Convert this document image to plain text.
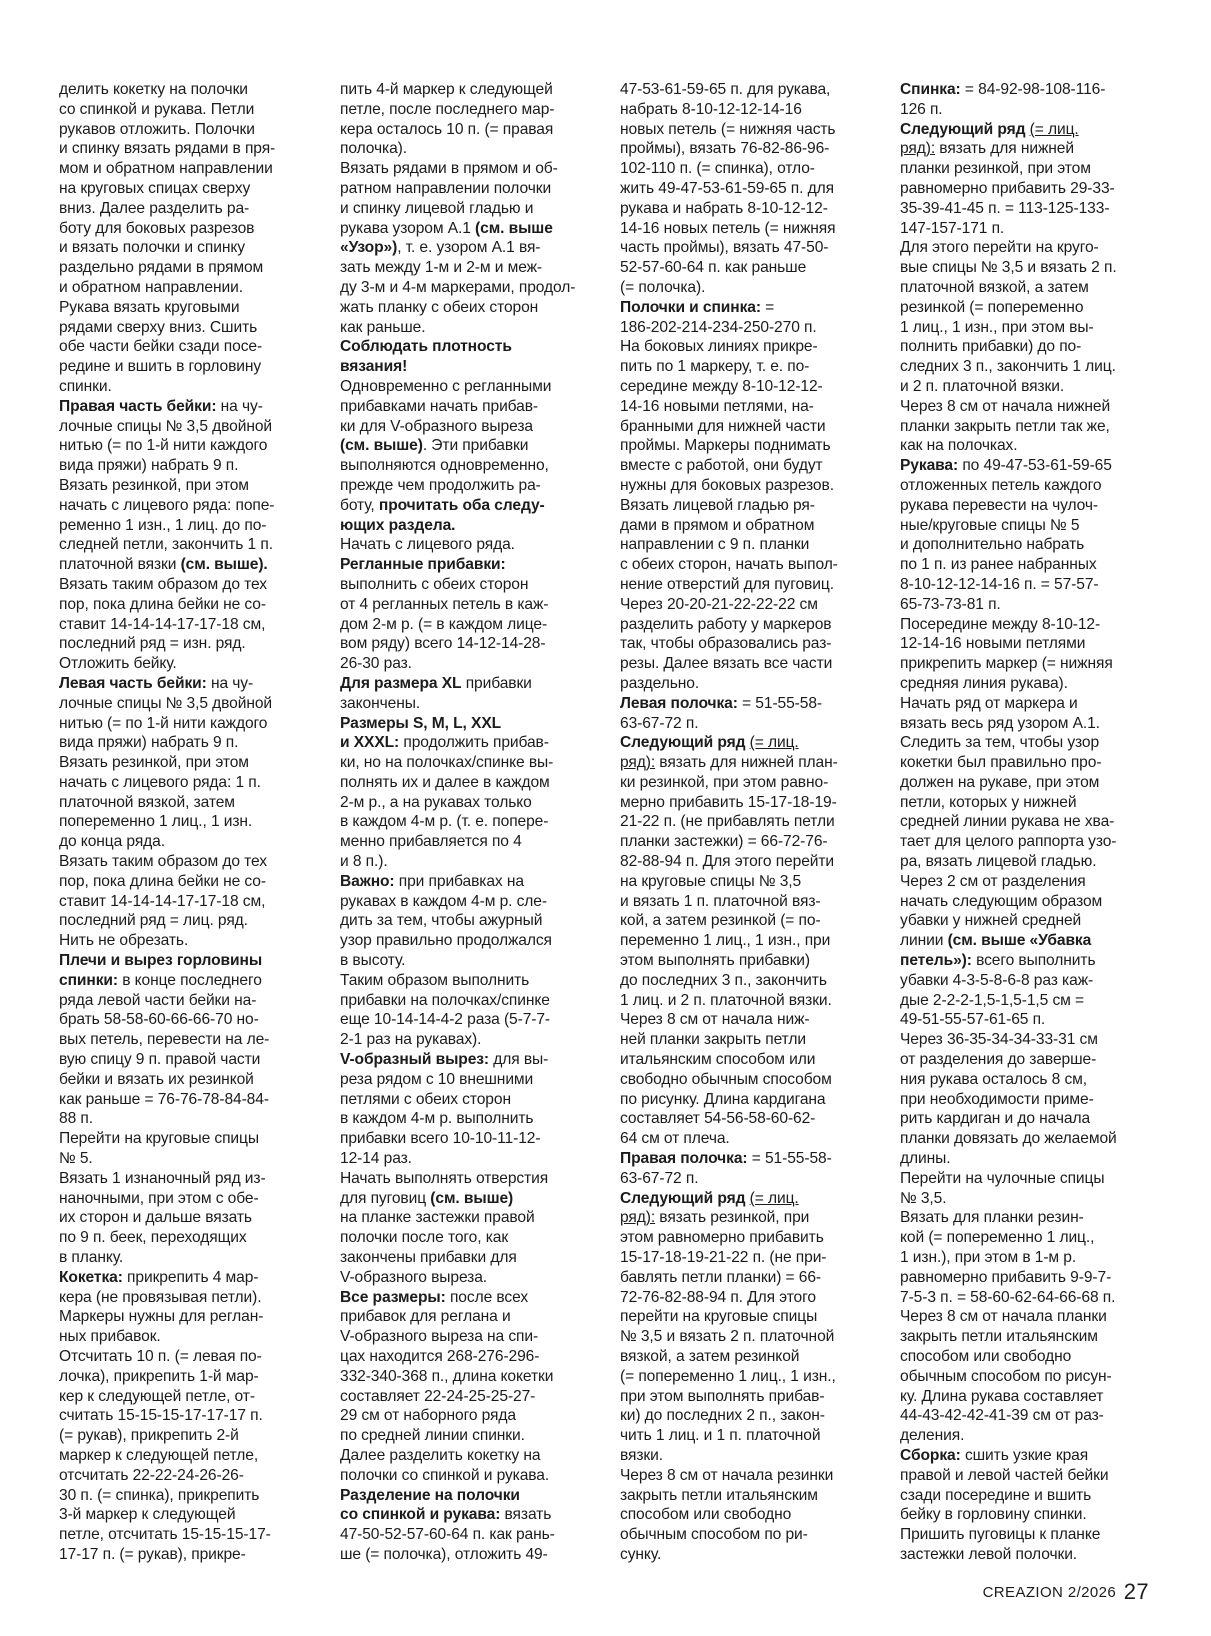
делить кокетку на полочки
со спинкой и рукава. Петли
рукавов отложить. Полочки
и спинку вязать рядами в пря-
мом и обратном направлении
на круговых спицах сверху
вниз. Далее разделить ра-
боту для боковых разрезов
и вязать полочки и спинку
раздельно рядами в прямом
и обратном направлении.
Рукава вязать круговыми
рядами сверху вниз. Сшить
обе части бейки сзади посе-
редине и вшить в горловину
спинки.

Правая часть бейки: на чу-
лочные спицы № 3,5 двойной
нитью (= по 1-й нити каждого
вида пряжи) набрать 9 п.

Вязать резинкой, при этом
начать с лицевого ряда: попе-
ременно 1 изн., 1 лиц. до по-
следней петли, закончить 1 п.
платочной вязки (см. выше).

Вязать таким образом до тех
пор, пока длина бейки не со-
ставит 14-14-14-17-17-18 см,
последний ряд = изн. ряд.
Отложить бейку.

Левая часть бейки: на чу-
лочные спицы № 3,5 двойной
нитью (= по 1-й нити каждого
вида пряжи) набрать 9 п.
Вязать резинкой, при этом
начать с лицевого ряда: 1 п.
платочной вязкой, затем
попеременно 1 лиц., 1 изн.
до конца ряда.

Вязать таким образом до тех
пор, пока длина бейки не со-
ставит 14-14-14-17-17-18 см,
последний ряд = лиц. ряд.
Нить не обрезать.

Плечи и вырез горловины
спинки: в конце последнего
ряда левой части бейки на-
брать 58-58-60-66-66-70 но-
вых петель, перевести на ле-
вую спицу 9 п. правой части
бейки и вязать их резинкой
как раньше = 76-76-78-84-84-
88 п.

Перейти на круговые спицы
№ 5.

Вязать 1 изнаночный ряд из-
наночными, при этом с обе-
их сторон и дальше вязать
по 9 п. беек, переходящих
в планку.

Кокетка: прикрепить 4 мар-
кера (не провязывая петли).
Маркеры нужны для реглан-
ных прибавок.

Отсчитать 10 п. (= левая по-
лочка), прикрепить 1-й мар-
кер к следующей петле, от-
считать 15-15-15-17-17-17 п.
(= рукав), прикрепить 2-й
маркер к следующей петле,
отсчитать 22-22-24-26-26-
30 п. (= спинка), прикрепить
3-й маркер к следующей
петле, отсчитать 15-15-15-17-
17-17 п. (= рукав), прикре-

пить 4-й маркер к следующей
петле, после последнего мар-
кера осталось 10 п. (= правая
полочка).

Вязать рядами в прямом и об-
ратном направлении полочки
и спинку лицевой гладью и
рукава узором А.1 (см. выше
«Узор»), т. е. узором А.1 вя-
зать между 1-м и 2-м и меж-
ду 3-м и 4-м маркерами, продол-
жать планку с обеих сторон
как раньше.

Соблюдать плотность
вязания!

Одновременно с регланными
прибавками начать прибав-
ки для V-образного выреза
(см. выше). Эти прибавки
выполняются одновременно,
прежде чем продолжить ра-
боту, прочитать оба следу-
ющих раздела.

Начать с лицевого ряда.

Регланные прибавки:
выполнить с обеих сторон
от 4 регланных петель в каж-
дом 2-м р. (= в каждом лице-
вом ряду) всего 14-12-14-28-
26-30 раз.

Для размера XL прибавки
закончены.

Размеры S, M, L, XXL
и XXXL: продолжить прибав-
ки, но на полочках/спинке вы-
полнять их и далее в каждом
2-м р., а на рукавах только
в каждом 4-м р. (т. е. попере-
менно прибавляется по 4
и 8 п.).

Важно: при прибавках на
рукавах в каждом 4-м р. сле-
дить за тем, чтобы ажурный
узор правильно продолжался
в высоту.

Таким образом выполнить
прибавки на полочках/спинке
еще 10-14-14-4-2 раза (5-7-7-
2-1 раз на рукавах).

V-образный вырез: для вы-
реза рядом с 10 внешними
петлями с обеих сторон
в каждом 4-м р. выполнить
прибавки всего 10-10-11-12-
12-14 раз.

Начать выполнять отверстия
для пуговиц (см. выше)
на планке застежки правой
полочки после того, как
закончены прибавки для
V-образного выреза.

Все размеры: после всех
прибавок для реглана и
V-образного выреза на спи-
цах находится 268-276-296-
332-340-368 п., длина кокетки
составляет 22-24-25-25-27-
29 см от наборного ряда
по средней линии спинки.
Далее разделить кокетку на
полочки со спинкой и рукава.

Разделение на полочки
со спинкой и рукава: вязать
47-50-52-57-60-64 п. как рань-
ше (= полочка), отложить 49-

47-53-61-59-65 п. для рукава,
набрать 8-10-12-12-14-16
новых петель (= нижняя часть
проймы), вязать 76-82-86-96-
102-110 п. (= спинка), отло-
жить 49-47-53-61-59-65 п. для
рукава и набрать 8-10-12-12-
14-16 новых петель (= нижняя
часть проймы), вязать 47-50-
52-57-60-64 п. как раньше
(= полочка).

Полочки и спинка: =
186-202-214-234-250-270 п.
На боковых линиях прикре-
пить по 1 маркеру, т. е. по-
середине между 8-10-12-12-
14-16 новыми петлями, на-
бранными для нижней части
проймы. Маркеры поднимать
вместе с работой, они будут
нужны для боковых разрезов.
Вязать лицевой гладью ря-
дами в прямом и обратном
направлении с 9 п. планки
с обеих сторон, начать выпол-
нение отверстий для пуговиц.
Через 20-20-21-22-22-22 см
разделить работу у маркеров
так, чтобы образовались раз-
резы. Далее вязать все части
раздельно.

Левая полочка: = 51-55-58-
63-67-72 п.

Следующий ряд (= лиц.
ряд): вязать для нижней план-
ки резинкой, при этом равно-
мерно прибавить 15-17-18-19-
21-22 п. (не прибавлять петли
планки застежки) = 66-72-76-
82-88-94 п. Для этого перейти
на круговые спицы № 3,5
и вязать 1 п. платочной вяз-
кой, а затем резинкой (= по-
переменно 1 лиц., 1 изн., при
этом выполнять прибавки)
до последних 3 п., закончить
1 лиц. и 2 п. платочной вязки.
Через 8 см от начала ниж-
ней планки закрыть петли
итальянским способом или
свободно обычным способом
по рисунку. Длина кардигана
составляет 54-56-58-60-62-
64 см от плеча.

Правая полочка: = 51-55-58-
63-67-72 п.

Следующий ряд (= лиц.
ряд): вязать резинкой, при
этом равномерно прибавить
15-17-18-19-21-22 п. (не при-
бавлять петли планки) = 66-
72-76-82-88-94 п. Для этого
перейти на круговые спицы
№ 3,5 и вязать 2 п. платочной
вязкой, а затем резинкой
(= попеременно 1 лиц., 1 изн.,
при этом выполнять прибав-
ки) до последних 2 п., закон-
чить 1 лиц. и 1 п. платочной
вязки.

Через 8 см от начала резинки
закрыть петли итальянским
способом или свободно
обычным способом по ри-
сунку.

Спинка: = 84-92-98-108-116-
126 п.

Следующий ряд (= лиц.
ряд): вязать для нижней
планки резинкой, при этом
равномерно прибавить 29-33-
35-39-41-45 п. = 113-125-133-
147-157-171 п.
Для этого перейти на круго-
вые спицы № 3,5 и вязать 2 п.
платочной вязкой, а затем
резинкой (= попеременно
1 лиц., 1 изн., при этом вы-
полнить прибавки) до по-
следних 3 п., закончить 1 лиц.
и 2 п. платочной вязки.
Через 8 см от начала нижней
планки закрыть петли так же,
как на полочках.

Рукава: по 49-47-53-61-59-65
отложенных петель каждого
рукава перевести на чулоч-
ные/круговые спицы № 5
и дополнительно набрать
по 1 п. из ранее набранных
8-10-12-12-14-16 п. = 57-57-
65-73-73-81 п.
Посередине между 8-10-12-
12-14-16 новыми петлями
прикрепить маркер (= нижняя
средняя линия рукава).
Начать ряд от маркера и
вязать весь ряд узором А.1.
Следить за тем, чтобы узор
кокетки был правильно про-
должен на рукаве, при этом
петли, которых у нижней
средней линии рукава не хва-
тает для целого раппорта узо-
ра, вязать лицевой гладью.
Через 2 см от разделения
начать следующим образом
убавки у нижней средней
линии (см. выше «Убавка
петель»): всего выполнить
убавки 4-3-5-8-6-8 раз каж-
дые 2-2-2-1,5-1,5-1,5 см =
49-51-55-57-61-65 п.
Через 36-35-34-34-33-31 см
от разделения до заверше-
ния рукава осталось 8 см,
при необходимости приме-
рить кардиган и до начала
планки довязать до желаемой
длины.

Перейти на чулочные спицы
№ 3,5.

Вязать для планки резин-
кой (= попеременно 1 лиц.,
1 изн.), при этом в 1-м р.
равномерно прибавить 9-9-7-
7-5-3 п. = 58-60-62-64-66-68 п.
Через 8 см от начала планки
закрыть петли итальянским
способом или свободно
обычным способом по рисун-
ку. Длина рукава составляет
44-43-42-42-41-39 см от раз-
деления.

Сборка: сшить узкие края
правой и левой частей бейки
сзади посередине и вшить
бейку в горловину спинки.
Пришить пуговицы к планке
застежки левой полочки.

CREAZION 2/2026 27
